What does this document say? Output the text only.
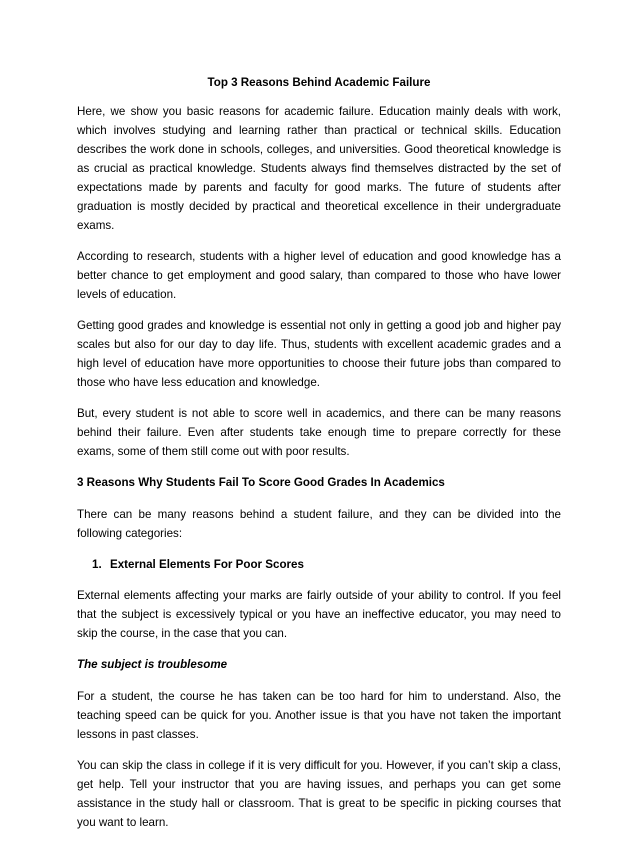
Top 3 Reasons Behind Academic Failure

Here, we show you basic reasons for academic failure. Education mainly deals with work, which involves studying and learning rather than practical or technical skills. Education describes the work done in schools, colleges, and universities. Good theoretical knowledge is as crucial as practical knowledge. Students always find themselves distracted by the set of expectations made by parents and faculty for good marks. The future of students after graduation is mostly decided by practical and theoretical excellence in their undergraduate exams.

According to research, students with a higher level of education and good knowledge has a better chance to get employment and good salary, than compared to those who have lower levels of education.

Getting good grades and knowledge is essential not only in getting a good job and higher pay scales but also for our day to day life. Thus, students with excellent academic grades and a high level of education have more opportunities to choose their future jobs than compared to those who have less education and knowledge.

But, every student is not able to score well in academics, and there can be many reasons behind their failure. Even after students take enough time to prepare correctly for these exams, some of them still come out with poor results.

3 Reasons Why Students Fail To Score Good Grades In Academics

There can be many reasons behind a student failure, and they can be divided into the following categories:

1. External Elements For Poor Scores

External elements affecting your marks are fairly outside of your ability to control. If you feel that the subject is excessively typical or you have an ineffective educator, you may need to skip the course, in the case that you can.

The subject is troublesome

For a student, the course he has taken can be too hard for him to understand. Also, the teaching speed can be quick for you. Another issue is that you have not taken the important lessons in past classes.

You can skip the class in college if it is very difficult for you. However, if you can’t skip a class, get help. Tell your instructor that you are having issues, and perhaps you can get some assistance in the study hall or classroom. That is great to be specific in picking courses that you want to learn.
